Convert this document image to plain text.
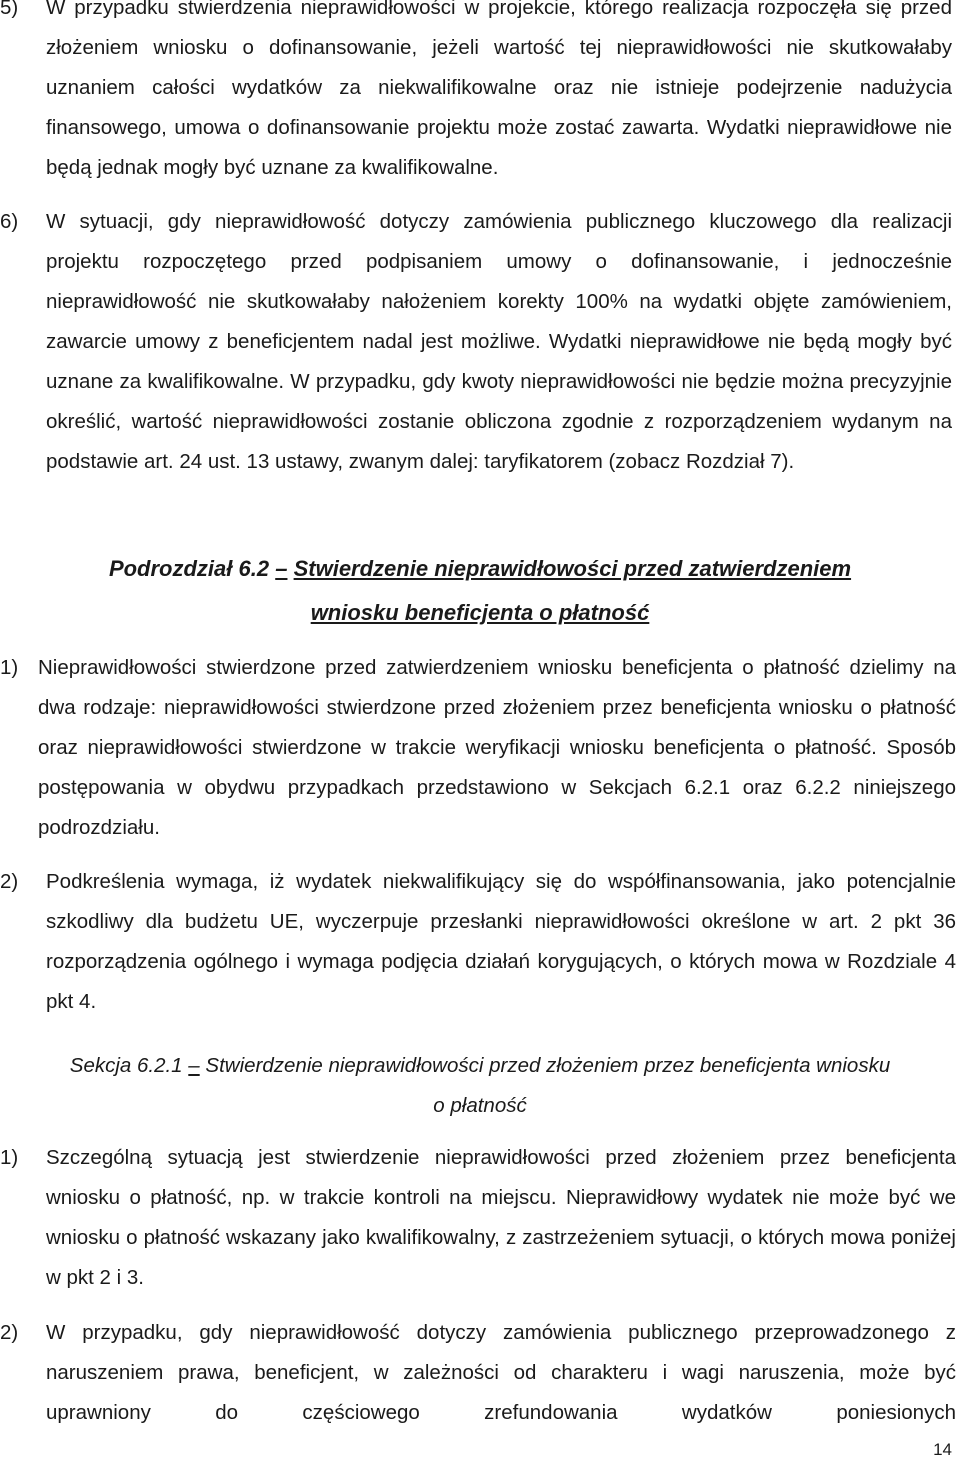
5) W przypadku stwierdzenia nieprawidłowości w projekcie, którego realizacja rozpoczęła się przed złożeniem wniosku o dofinansowanie, jeżeli wartość tej nieprawidłowości nie skutkowałaby uznaniem całości wydatków za niekwalifikowalne oraz nie istnieje podejrzenie nadużycia finansowego, umowa o dofinansowanie projektu może zostać zawarta. Wydatki nieprawidłowe nie będą jednak mogły być uznane za kwalifikowalne.
6) W sytuacji, gdy nieprawidłowość dotyczy zamówienia publicznego kluczowego dla realizacji projektu rozpoczętego przed podpisaniem umowy o dofinansowanie, i jednocześnie nieprawidłowość nie skutkowałaby nałożeniem korekty 100% na wydatki objęte zamówieniem, zawarcie umowy z beneficjentem nadal jest możliwe. Wydatki nieprawidłowe nie będą mogły być uznane za kwalifikowalne. W przypadku, gdy kwoty nieprawidłowości nie będzie można precyzyjnie określić, wartość nieprawidłowości zostanie obliczona zgodnie z rozporządzeniem wydanym na podstawie art. 24 ust. 13 ustawy, zwanym dalej: taryfikatorem (zobacz Rozdział 7).
Podrozdział 6.2 – Stwierdzenie nieprawidłowości przed zatwierdzeniem
wniosku beneficjenta o płatność
1) Nieprawidłowości stwierdzone przed zatwierdzeniem wniosku beneficjenta o płatność dzielimy na dwa rodzaje: nieprawidłowości stwierdzone przed złożeniem przez beneficjenta wniosku o płatność oraz nieprawidłowości stwierdzone w trakcie weryfikacji wniosku beneficjenta o płatność. Sposób postępowania w obydwu przypadkach przedstawiono w Sekcjach 6.2.1 oraz 6.2.2 niniejszego podrozdziału.
2) Podkreślenia wymaga, iż wydatek niekwalifikujący się do współfinansowania, jako potencjalnie szkodliwy dla budżetu UE, wyczerpuje przesłanki nieprawidłowości określone w art. 2 pkt 36 rozporządzenia ogólnego i wymaga podjęcia działań korygujących, o których mowa w Rozdziale 4 pkt 4.
Sekcja 6.2.1 – Stwierdzenie nieprawidłowości przed złożeniem przez beneficjenta wniosku
o płatność
1) Szczególną sytuacją jest stwierdzenie nieprawidłowości przed złożeniem przez beneficjenta wniosku o płatność, np. w trakcie kontroli na miejscu. Nieprawidłowy wydatek nie może być we wniosku o płatność wskazany jako kwalifikowalny, z zastrzeżeniem sytuacji, o których mowa poniżej w pkt 2 i 3.
2) W przypadku, gdy nieprawidłowość dotyczy zamówienia publicznego przeprowadzonego z naruszeniem prawa, beneficjent, w zależności od charakteru i wagi naruszenia, może być uprawniony do częściowego zrefundowania wydatków poniesionych
14
